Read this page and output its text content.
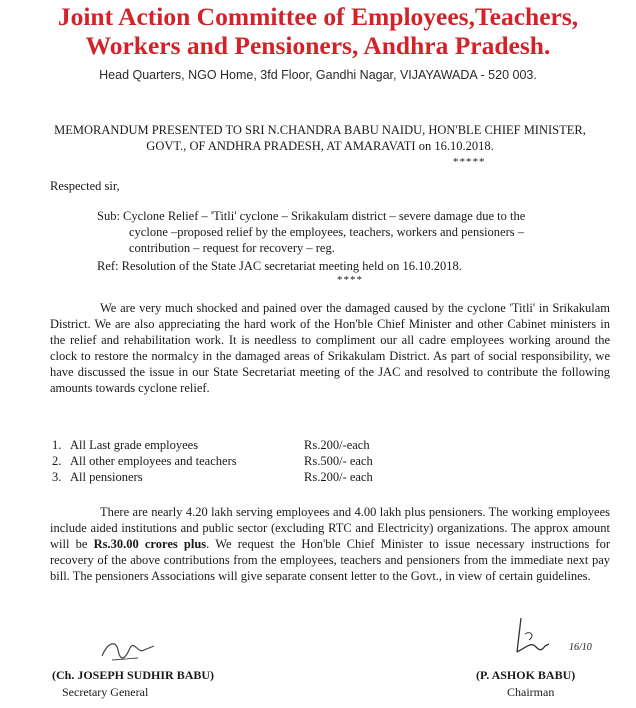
Joint Action Committee of Employees,Teachers,
Workers and Pensioners, Andhra Pradesh.
Head Quarters, NGO Home, 3fd Floor, Gandhi Nagar, VIJAYAWADA - 520 003.
MEMORANDUM PRESENTED TO SRI N.CHANDRA BABU NAIDU, HON'BLE CHIEF MINISTER,
GOVT., OF ANDHRA PRADESH, AT AMARAVATI on 16.10.2018.
*****
Respected sir,
Sub: Cyclone Relief – 'Titli' cyclone – Srikakulam district – severe damage due to the
cyclone –proposed relief by the employees, teachers, workers and pensioners –
contribution – request for recovery – reg.
Ref: Resolution of the State JAC secretariat meeting held on 16.10.2018.
****
We are very much shocked and pained over the damaged caused by the cyclone 'Titli' in Srikakulam District. We are also appreciating the hard work of the Hon'ble Chief Minister and other Cabinet ministers in the relief and rehabilitation work. It is needless to compliment our all cadre employees working around the clock to restore the normalcy in the damaged areas of Srikakulam District. As part of social responsibility, we have discussed the issue in our State Secretariat meeting of the JAC and resolved to contribute the following amounts towards cyclone relief.
1. All Last grade employees	Rs.200/-each
2. All other employees and teachers	Rs.500/- each
3. All pensioners	Rs.200/- each
There are nearly 4.20 lakh serving employees and 4.00 lakh plus pensioners. The working employees include aided institutions and public sector (excluding RTC and Electricity) organizations. The approx amount will be Rs.30.00 crores plus. We request the Hon'ble Chief Minister to issue necessary instructions for recovery of the above contributions from the employees, teachers and pensioners from the immediate next pay bill. The pensioners Associations will give separate consent letter to the Govt., in view of certain guidelines.
16/10
(Ch. JOSEPH SUDHIR BABU)
Secretary General
(P. ASHOK BABU)
Chairman
